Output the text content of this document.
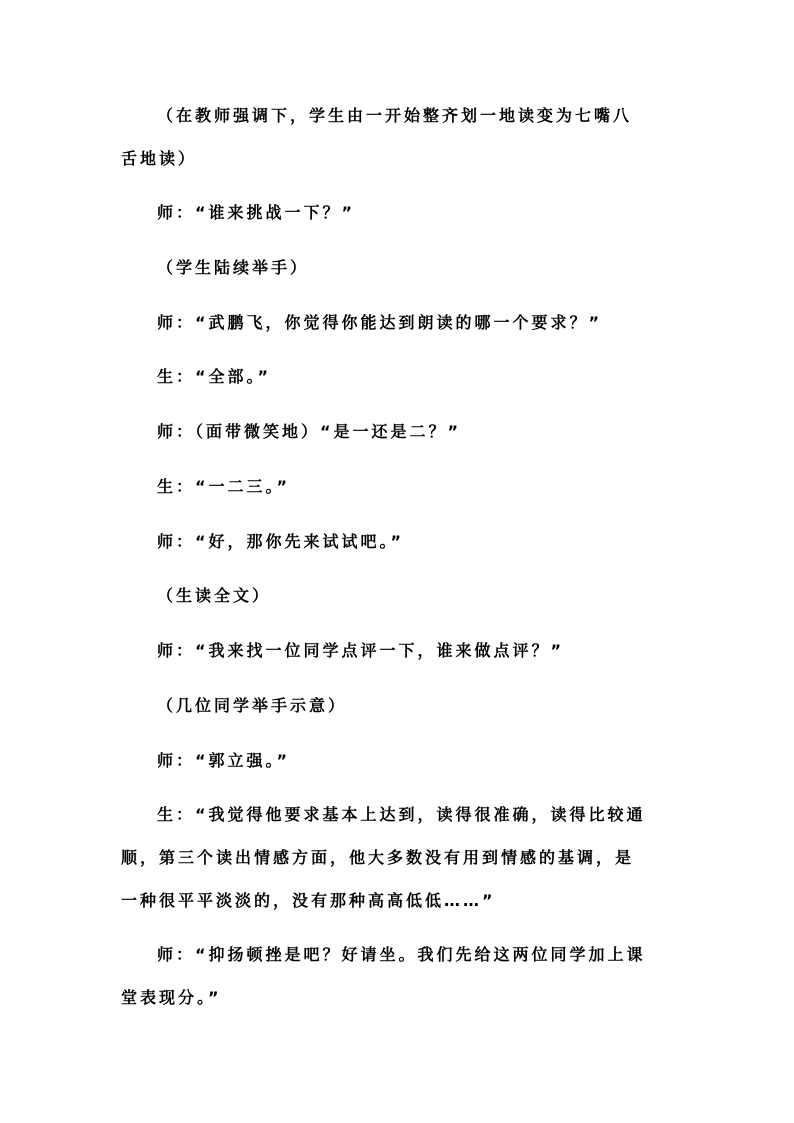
（在教师强调下，学生由一开始整齐划一地读变为七嘴八
舌地读）
师：“谁来挑战一下？”
（学生陆续举手）
师：“武鹏飞，你觉得你能达到朗读的哪一个要求？”
生：“全部。”
师：（面带微笑地）“是一还是二？”
生：“一二三。”
师：“好，那你先来试试吧。”
（生读全文）
师：“我来找一位同学点评一下，谁来做点评？”
（几位同学举手示意）
师：“郭立强。”
生：“我觉得他要求基本上达到，读得很准确，读得比较通
顺，第三个读出情感方面，他大多数没有用到情感的基调，是
一种很平平淡淡的，没有那种高高低低……”
师：“抑扬顿挫是吧？好请坐。我们先给这两位同学加上课
堂表现分。”
